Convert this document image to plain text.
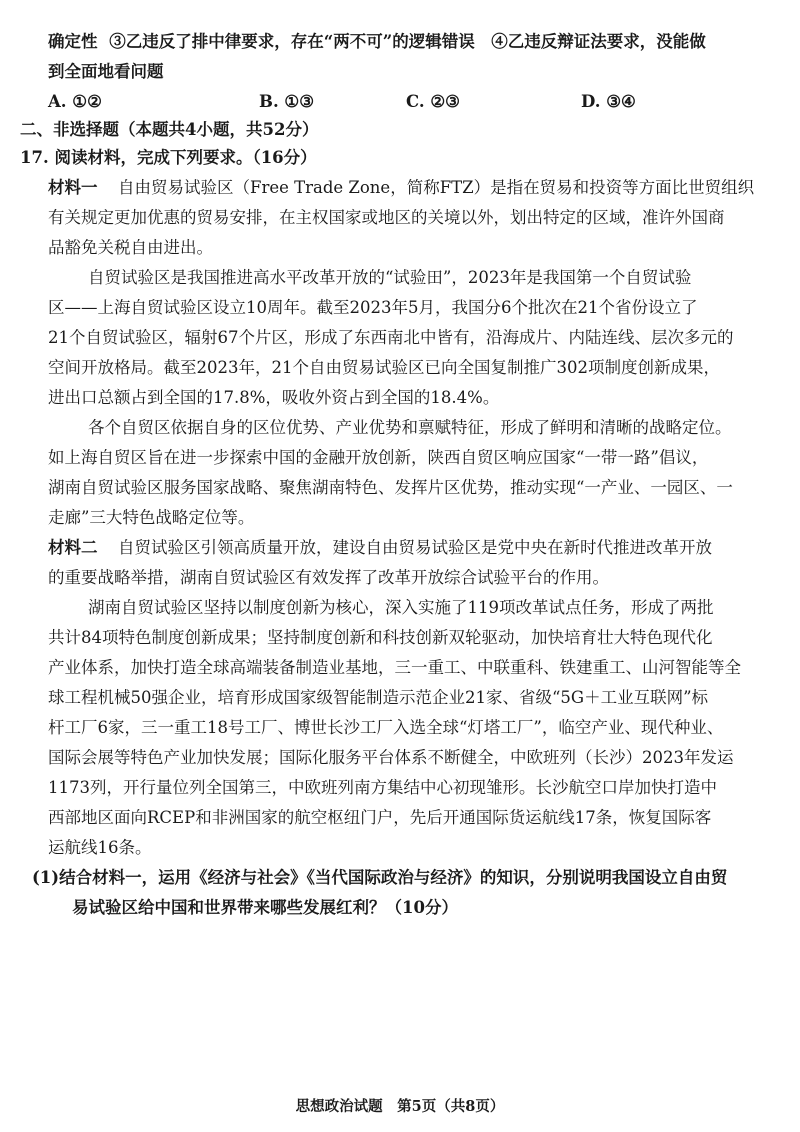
确定性 ③乙违反了排中律要求，存在“两不可”的逻辑错误　④乙违反辩证法要求，没能做
到全面地看问题
A. ①②	B. ①③	C. ②③	D. ③④
二、非选择题（本题共4小题，共52分）
17. 阅读材料，完成下列要求。（16分）
材料一 自由贸易试验区（Free Trade Zone，简称FTZ）是指在贸易和投资等方面比世贸组织
有关规定更加优惠的贸易安排，在主权国家或地区的关境以外，划出特定的区域，准许外国商
品豁免关税自由进出。
自贸试验区是我国推进高水平改革开放的“试验田”，2023年是我国第一个自贸试验
区——上海自贸试验区设立10周年。截至2023年5月，我国分6个批次在21个省份设立了
21个自贸试验区，辐射67个片区，形成了东西南北中皆有，沿海成片、内陆连线、层次多元的
空间开放格局。截至2023年，21个自由贸易试验区已向全国复制推广302项制度创新成果，
进出口总额占到全国的17.8%，吸收外资占到全国的18.4%。
各个自贸区依据自身的区位优势、产业优势和禀赋特征，形成了鲜明和清晰的战略定位。
如上海自贸区旨在进一步探索中国的金融开放创新，陕西自贸区响应国家“一带一路”倡议，
湖南自贸试验区服务国家战略、聚焦湖南特色、发挥片区优势，推动实现“一产业、一园区、一
走廊”三大特色战略定位等。
材料二 自贸试验区引领高质量开放，建设自由贸易试验区是党中央在新时代推进改革开放
的重要战略举措，湖南自贸试验区有效发挥了改革开放综合试验平台的作用。
湖南自贸试验区坚持以制度创新为核心，深入实施了119项改革试点任务，形成了两批
共计84项特色制度创新成果；坚持制度创新和科技创新双轮驱动，加快培育壮大特色现代化
产业体系，加快打造全球高端装备制造业基地，三一重工、中联重科、铁建重工、山河智能等全
球工程机械50强企业，培育形成国家级智能制造示范企业21家、省级“5G＋工业互联网”标
杆工厂6家，三一重工18号工厂、博世长沙工厂入选全球“灯塔工厂”，临空产业、现代种业、
国际会展等特色产业加快发展；国际化服务平台体系不断健全，中欧班列（长沙）2023年发运
1173列，开行量位列全国第三，中欧班列南方集结中心初现雏形。长沙航空口岸加快打造中
西部地区面向RCEP和非洲国家的航空枢纽门户，先后开通国际货运航线17条，恢复国际客
运航线16条。
(1)结合材料一，运用《经济与社会》《当代国际政治与经济》的知识，分别说明我国设立自由贸
易试验区给中国和世界带来哪些发展红利？（10分）
思想政治试题　第5页（共8页）
